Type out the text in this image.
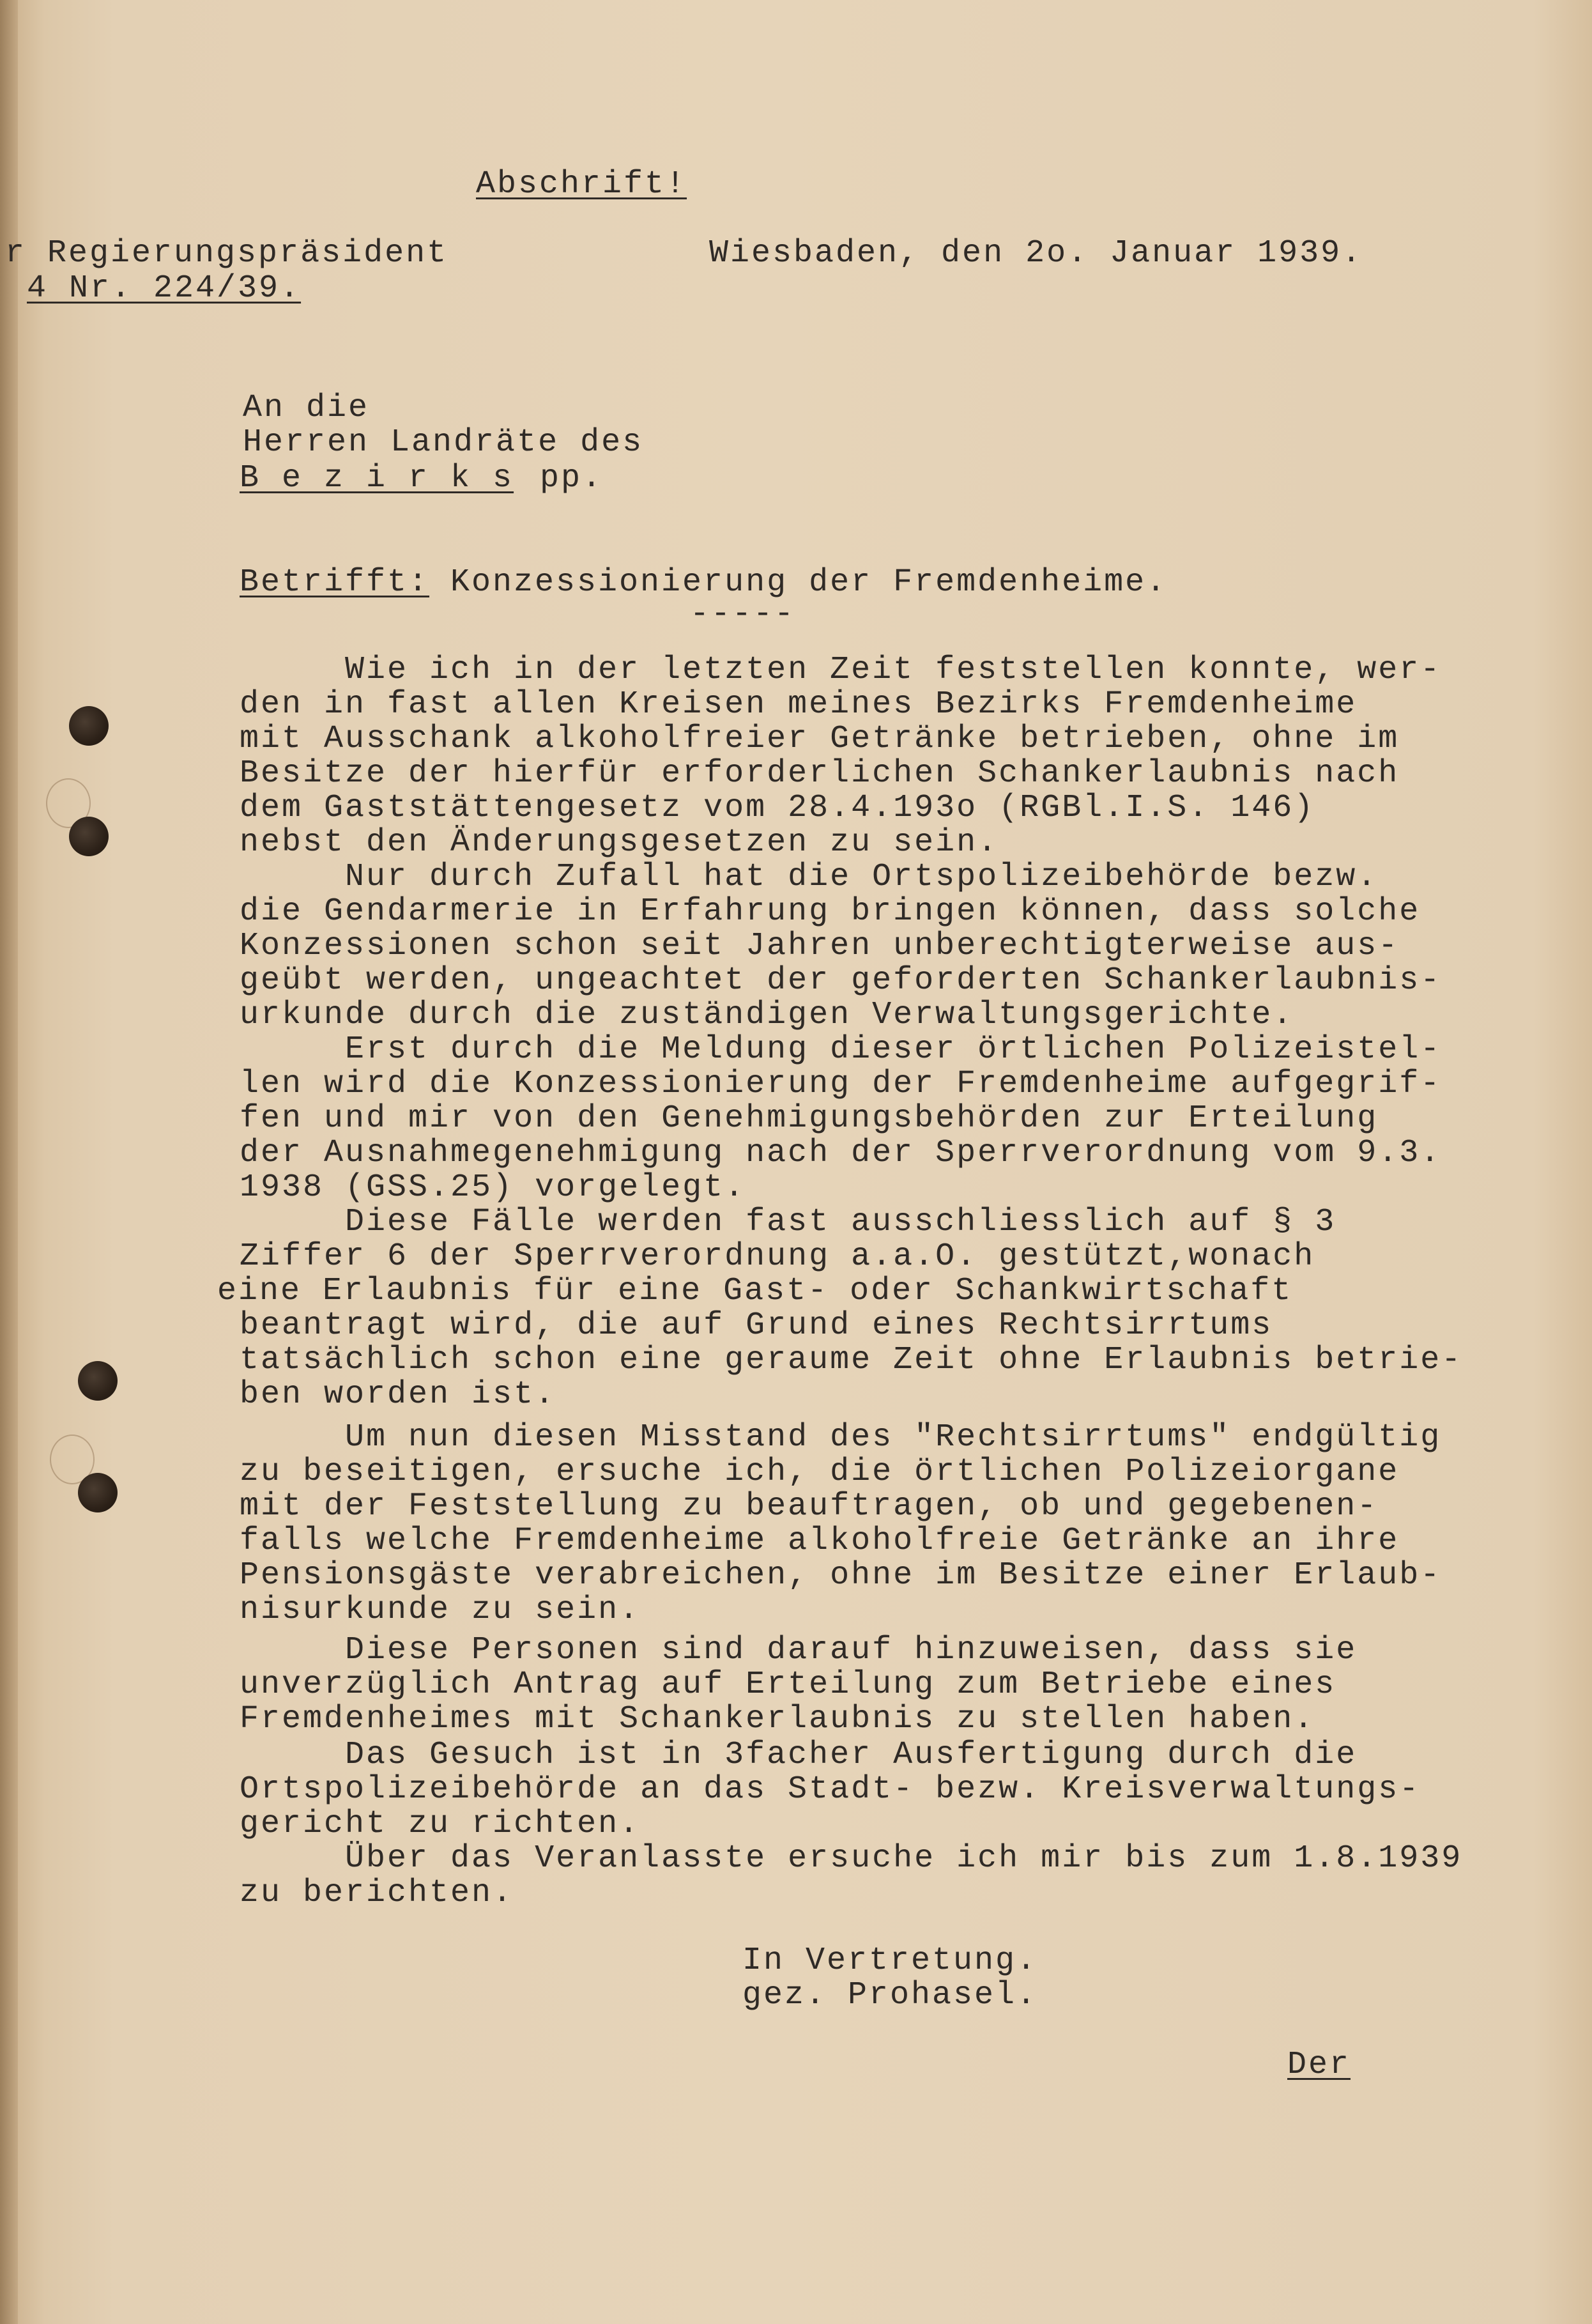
Abschrift!
r Regierungspräsident
4 Nr. 224/39.
Wiesbaden, den 2o. Januar 1939.
An die
Herren Landräte des
B e z i r k s pp.
Betrifft: Konzessionierung der Fremdenheime.
-----
Wie ich in der letzten Zeit feststellen konnte, wer-
den in fast allen Kreisen meines Bezirks Fremdenheime
mit Ausschank alkoholfreier Getränke betrieben, ohne im
Besitze der hierfür erforderlichen Schankerlaubnis nach
dem Gaststättengesetz vom 28.4.193o (RGBl.I.S. 146)
nebst den Änderungsgesetzen zu sein.
Nur durch Zufall hat die Ortspolizeibehörde bezw.
die Gendarmerie in Erfahrung bringen können, dass solche
Konzessionen schon seit Jahren unberechtigterweise aus-
geübt werden, ungeachtet der geforderten Schankerlaubnis-
urkunde durch die zuständigen Verwaltungsgerichte.
Erst durch die Meldung dieser örtlichen Polizeistel-
len wird die Konzessionierung der Fremdenheime aufgegrif-
fen und mir von den Genehmigungsbehörden zur Erteilung
der Ausnahmegenehmigung nach der Sperrverordnung vom 9.3.
1938 (GSS.25) vorgelegt.
Diese Fälle werden fast ausschliesslich auf § 3
Ziffer 6 der Sperrverordnung a.a.O. gestützt,wonach
eine Erlaubnis für eine Gast- oder Schankwirtschaft
beantragt wird, die auf Grund eines Rechtsirrtums
tatsächlich schon eine geraume Zeit ohne Erlaubnis betrie-
ben worden ist.
Um nun diesen Misstand des "Rechtsirrtums" endgültig
zu beseitigen, ersuche ich, die örtlichen Polizeiorgane
mit der Feststellung zu beauftragen, ob und gegebenen-
falls welche Fremdenheime alkoholfreie Getränke an ihre
Pensionsgäste verabreichen, ohne im Besitze einer Erlaub-
nisurkunde zu sein.
Diese Personen sind darauf hinzuweisen, dass sie
unverzüglich Antrag auf Erteilung zum Betriebe eines
Fremdenheimes mit Schankerlaubnis zu stellen haben.
Das Gesuch ist in 3facher Ausfertigung durch die
Ortspolizeibehörde an das Stadt- bezw. Kreisverwaltungs-
gericht zu richten.
Über das Veranlasste ersuche ich mir bis zum 1.8.1939
zu berichten.
In Vertretung.
gez. Prohasel.
Der
